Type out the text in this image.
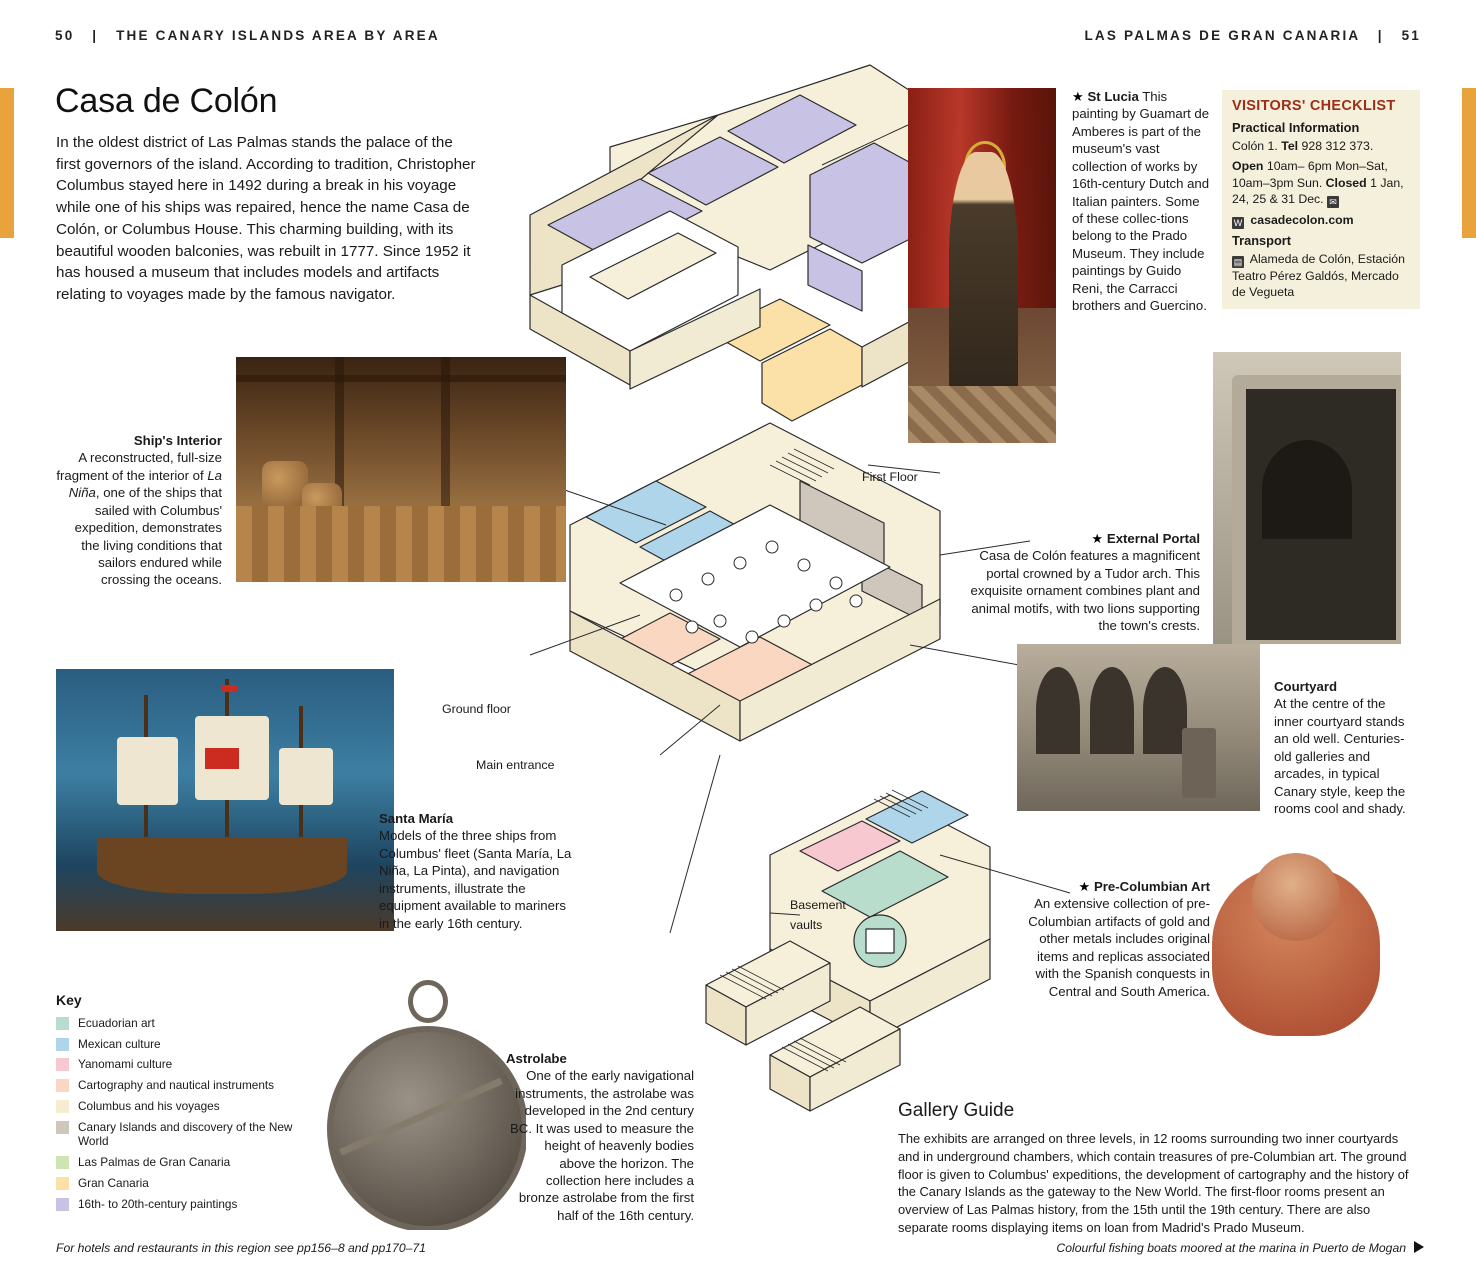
50   |   THE CANARY ISLANDS AREA BY AREA	LAS PALMAS DE GRAN CANARIA   |   51
Casa de Colón
In the oldest district of Las Palmas stands the palace of the first governors of the island. According to tradition, Christopher Columbus stayed here in 1492 during a break in his voyage while one of his ships was repaired, hence the name Casa de Colón, or Columbus House. This charming building, with its beautiful wooden balconies, was rebuilt in 1777. Since 1952 it has housed a museum that includes models and artifacts relating to voyages made by the famous navigator.
First Floor
Ground floor
Main entrance
Basement
vaults
★ St Lucia This painting by Guamart de Amberes is part of the museum's vast collection of works by 16th-century Dutch and Italian painters. Some of these collec-tions belong to the Prado Museum. They include paintings by Guido Reni, the Carracci brothers and Guercino.
Ship's Interior
A reconstructed, full-size fragment of the interior of La Niña, one of the ships that sailed with Columbus' expedition, demonstrates the living conditions that sailors endured while crossing the oceans.
Santa María
Models of the three ships from Columbus' fleet (Santa María, La Niña, La Pinta), and navigation instruments, illustrate the equipment available to mariners in the early 16th century.
★ External Portal
Casa de Colón features a magnificent portal crowned by a Tudor arch. This exquisite ornament combines plant and animal motifs, with two lions supporting the town's crests.
Courtyard
At the centre of the inner courtyard stands an old well. Centuries-old galleries and arcades, in typical Canary style, keep the rooms cool and shady.
★ Pre-Columbian Art
An extensive collection of pre-Columbian artifacts of gold and other metals includes original items and replicas associated with the Spanish conquests in Central and South America.
Astrolabe
One of the early navigational instruments, the astrolabe was developed in the 2nd century BC. It was used to measure the height of heavenly bodies above the horizon. The collection here includes a bronze astrolabe from the first half of the 16th century.
VISITORS' CHECKLIST
Practical Information

Colón 1. Tel 928 312 373.

Open 10am– 6pm Mon–Sat, 10am–3pm Sun. Closed 1 Jan, 24, 25 & 31 Dec. ✉

W casadecolon.com

Transport

▤ Alameda de Colón, Estación Teatro Pérez Galdós, Mercado de Vegueta

Key
Ecuadorian art
Mexican culture
Yanomami culture
Cartography and nautical instruments
Columbus and his voyages
Canary Islands and discovery of the New World
Las Palmas de Gran Canaria
Gran Canaria
16th- to 20th-century paintings
Gallery Guide

The exhibits are arranged on three levels, in 12 rooms surrounding two inner courtyards and in underground chambers, which contain treasures of pre-Columbian art. The ground floor is given to Columbus' expeditions, the development of cartography and the history of the Canary Islands as the gateway to the New World. The first-floor rooms present an overview of Las Palmas history, from the 15th until the 19th century. There are also separate rooms displaying items on loan from Madrid's Prado Museum.

For hotels and restaurants in this region see pp156–8 and pp170–71	Colourful fishing boats moored at the marina in Puerto de Mogan
